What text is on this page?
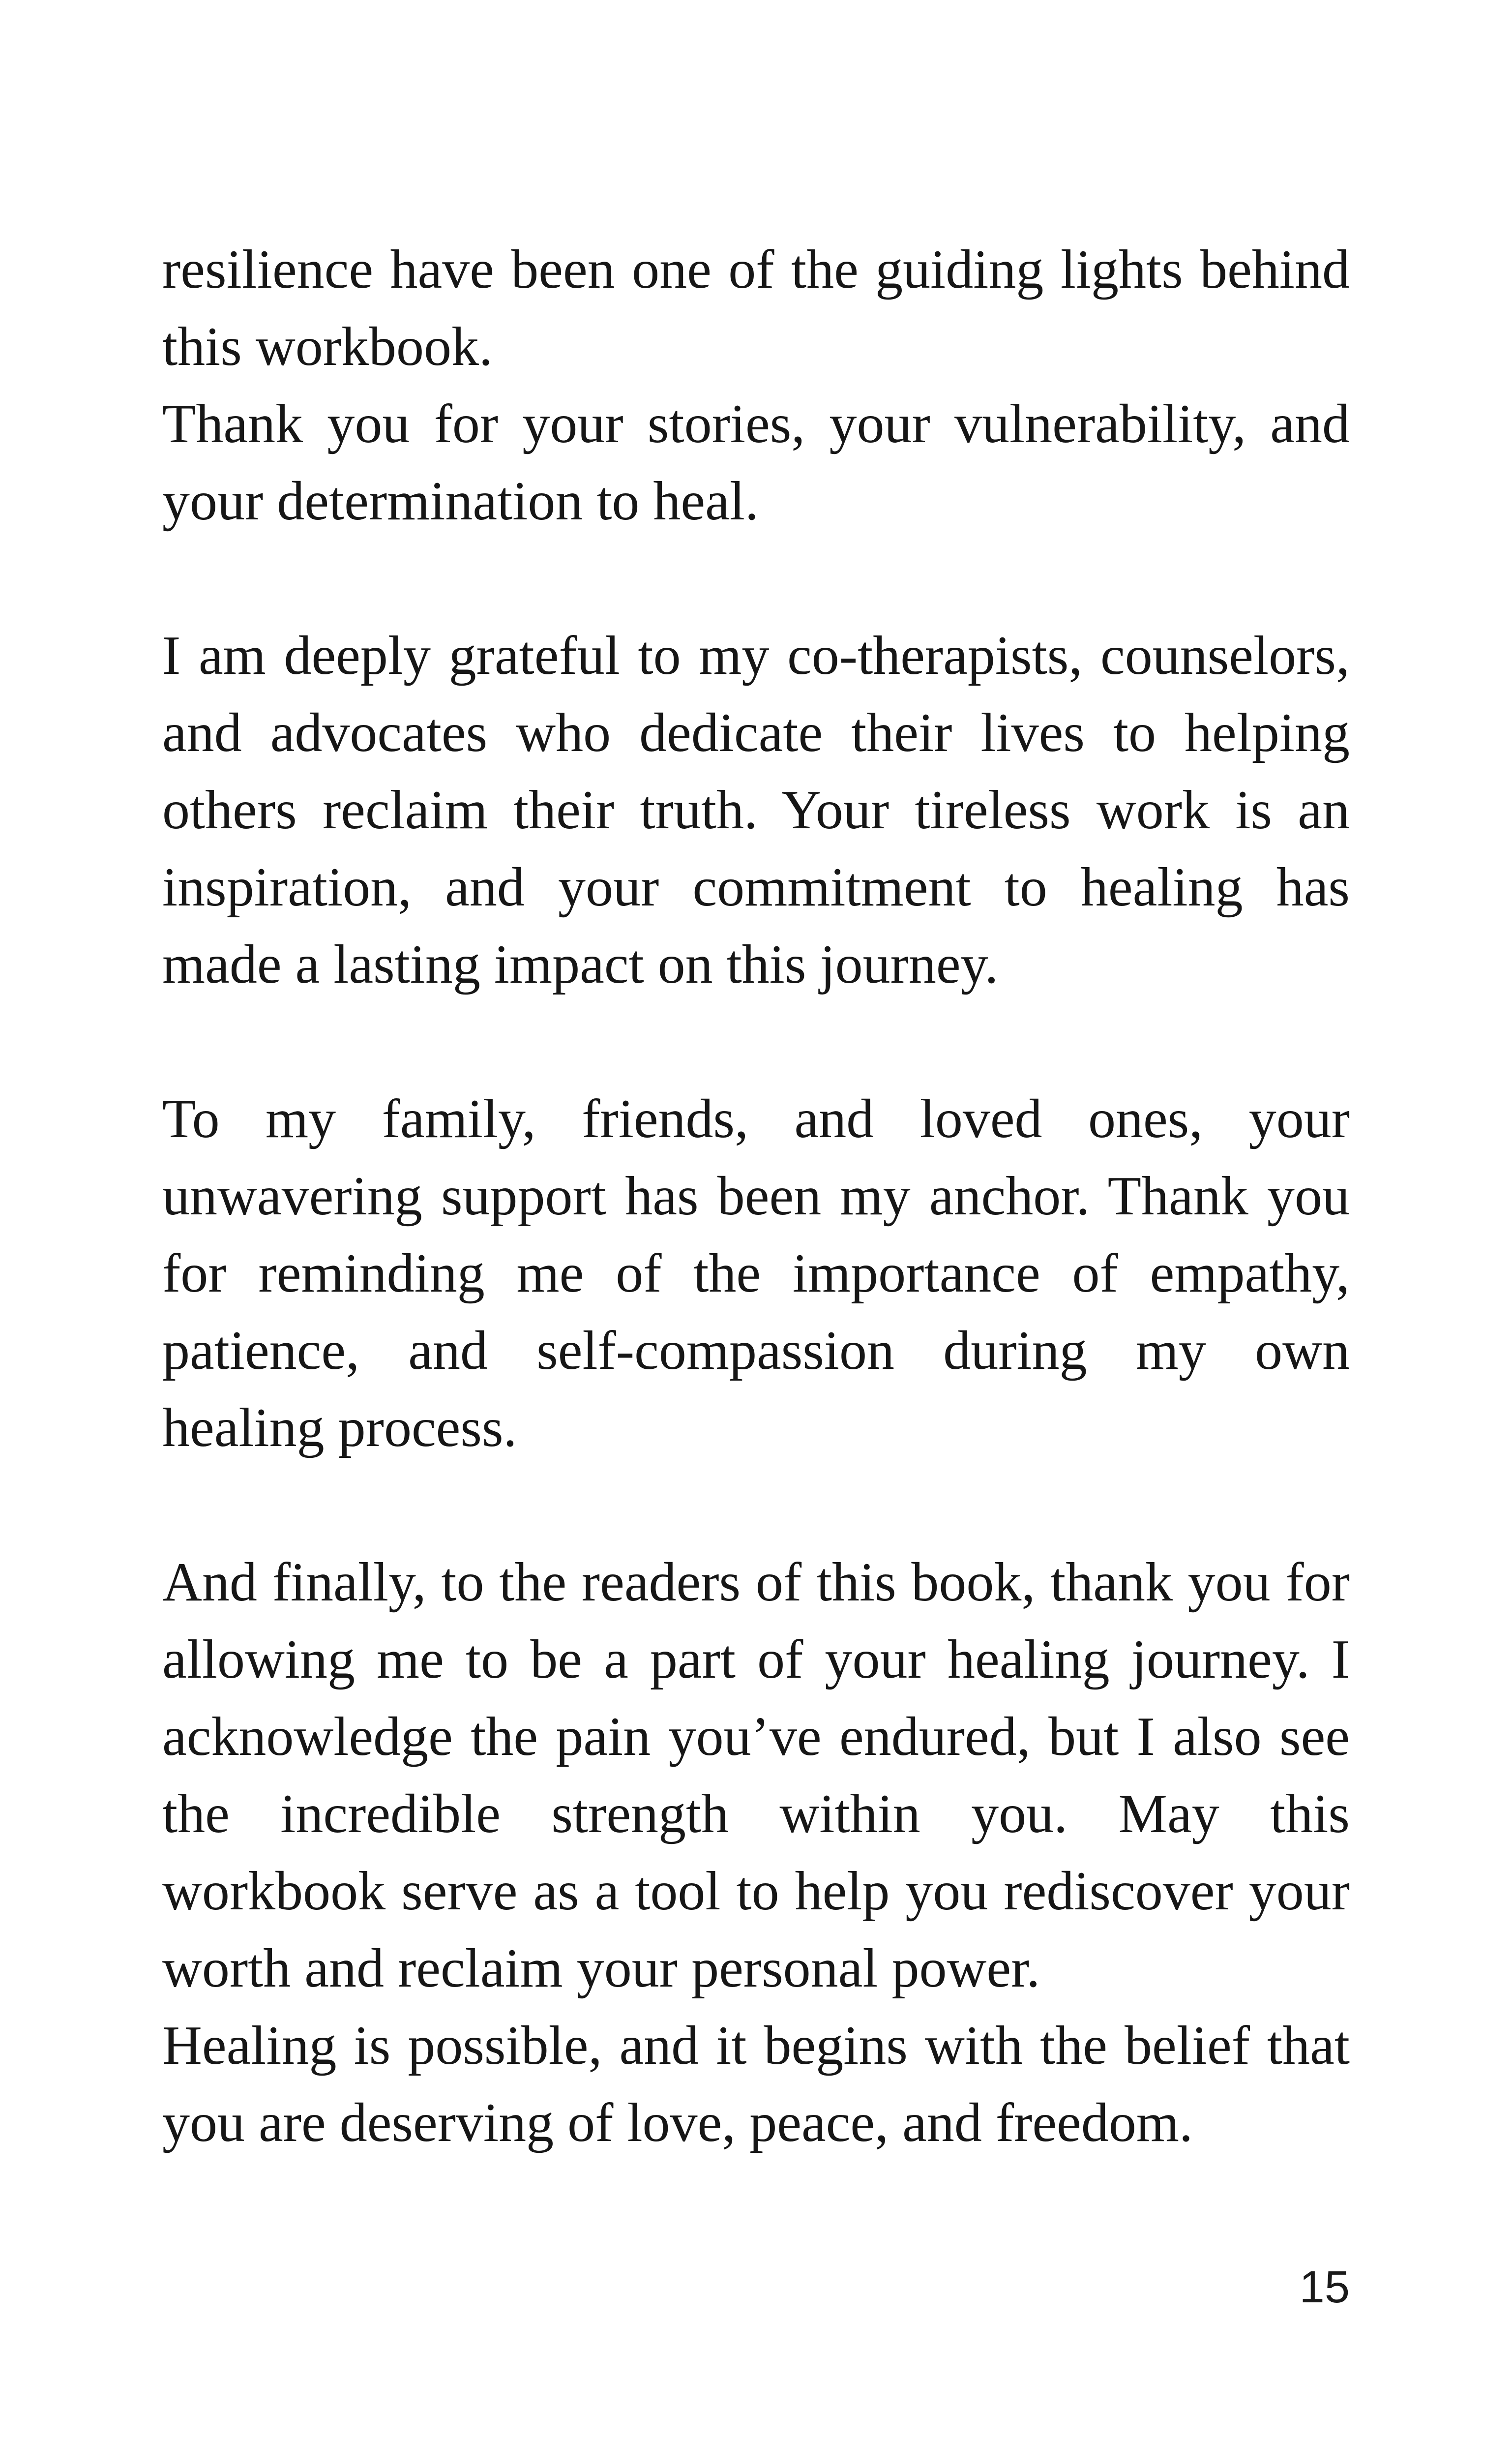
resilience have been one of the guiding lights behind this workbook.

Thank you for your stories, your vulnerability, and your determination to heal.

I am deeply grateful to my co-therapists, counselors, and advocates who dedicate their lives to helping others reclaim their truth. Your tireless work is an inspiration, and your commitment to healing has made a lasting impact on this journey.

To my family, friends, and loved ones, your unwavering support has been my anchor. Thank you for reminding me of the importance of empathy, patience, and self-compassion during my own healing process.

And finally, to the readers of this book, thank you for allowing me to be a part of your healing journey. I acknowledge the pain you’ve endured, but I also see the incredible strength within you. May this workbook serve as a tool to help you rediscover your worth and reclaim your personal power.

Healing is possible, and it begins with the belief that you are deserving of love, peace, and freedom.

15
